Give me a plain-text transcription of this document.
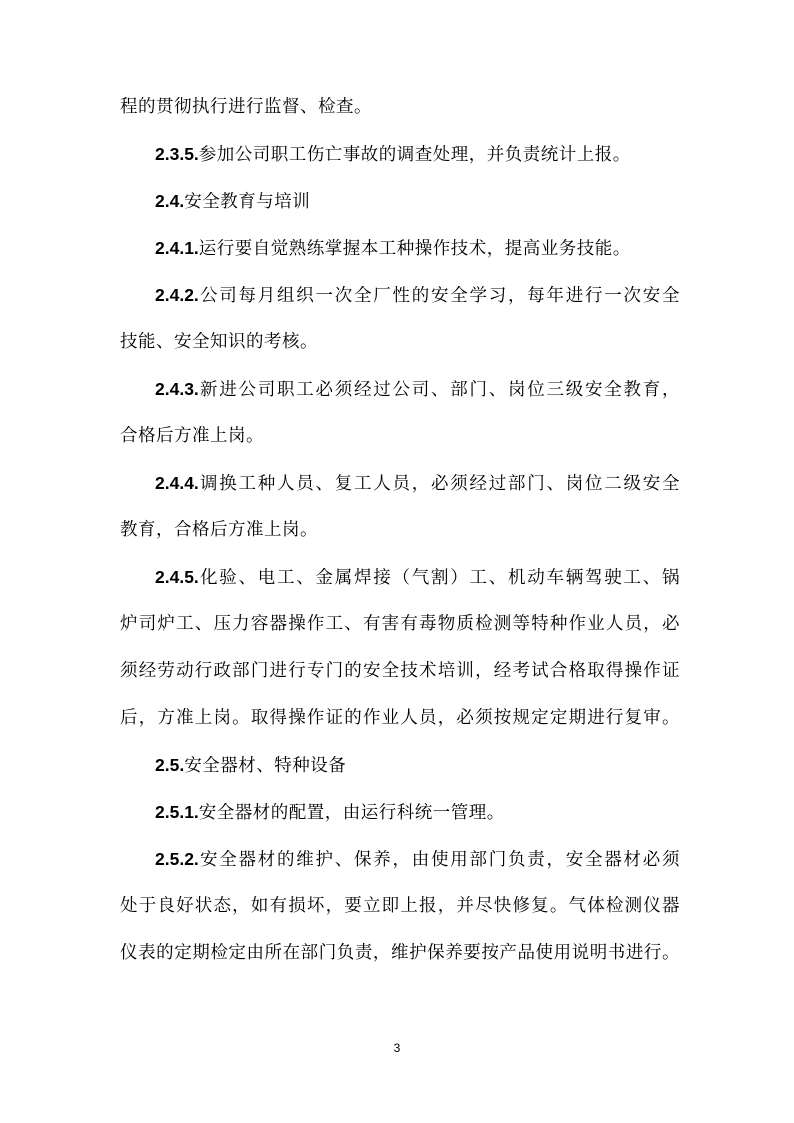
程的贯彻执行进行监督、检查。
2.3.5.参加公司职工伤亡事故的调查处理，并负责统计上报。
2.4.安全教育与培训
2.4.1.运行要自觉熟练掌握本工种操作技术，提高业务技能。
2.4.2.公司每月组织一次全厂性的安全学习，每年进行一次安全
技能、安全知识的考核。
2.4.3.新进公司职工必须经过公司、部门、岗位三级安全教育，
合格后方准上岗。
2.4.4.调换工种人员、复工人员，必须经过部门、岗位二级安全
教育，合格后方准上岗。
2.4.5.化验、电工、金属焊接（气割）工、机动车辆驾驶工、锅
炉司炉工、压力容器操作工、有害有毒物质检测等特种作业人员，必
须经劳动行政部门进行专门的安全技术培训，经考试合格取得操作证
后，方准上岗。取得操作证的作业人员，必须按规定定期进行复审。
2.5.安全器材、特种设备
2.5.1.安全器材的配置，由运行科统一管理。
2.5.2.安全器材的维护、保养，由使用部门负责，安全器材必须
处于良好状态，如有损坏，要立即上报，并尽快修复。气体检测仪器
仪表的定期检定由所在部门负责，维护保养要按产品使用说明书进行。
3
